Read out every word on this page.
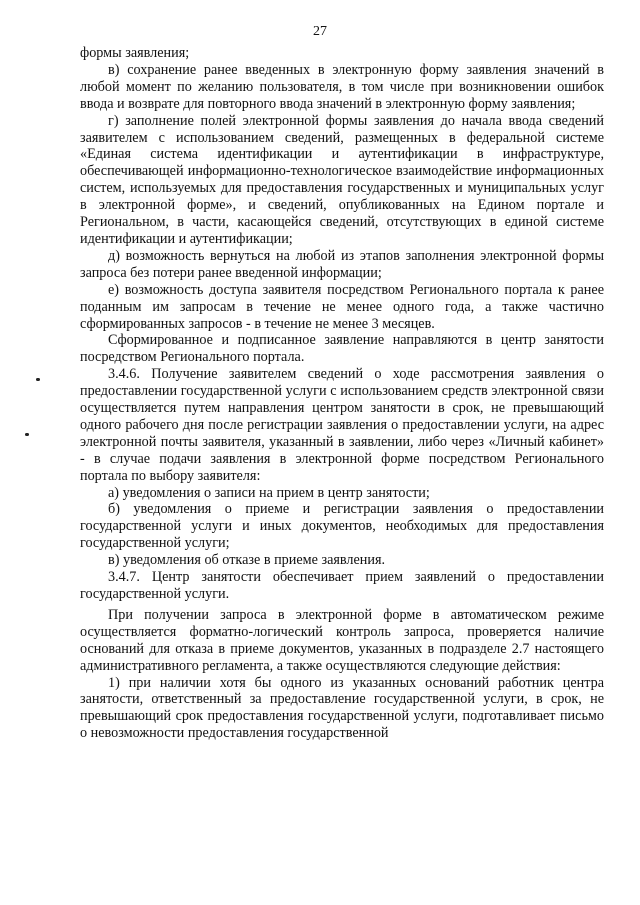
27

формы заявления;

в) сохранение ранее введенных в электронную форму заявления значений в любой момент по желанию пользователя, в том числе при возникновении ошибок ввода и возврате для повторного ввода значений в электронную форму заявления;

г) заполнение полей электронной формы заявления до начала ввода сведений заявителем с использованием сведений, размещенных в федеральной системе «Единая система идентификации и аутентификации в инфраструктуре, обеспечивающей информационно-технологическое взаимодействие информационных систем, используемых для предоставления государственных и муниципальных услуг в электронной форме», и сведений, опубликованных на Едином портале и Региональном, в части, касающейся сведений, отсутствующих в единой системе идентификации и аутентификации;

д) возможность вернуться на любой из этапов заполнения электронной формы запроса без потери ранее введенной информации;

е) возможность доступа заявителя посредством Регионального портала к ранее поданным им запросам в течение не менее одного года, а также частично сформированных запросов - в течение не менее 3 месяцев.

Сформированное и подписанное заявление направляются в центр занятости посредством Регионального портала.

3.4.6. Получение заявителем сведений о ходе рассмотрения заявления о предоставлении государственной услуги с использованием средств электронной связи осуществляется путем направления центром занятости в срок, не превышающий одного рабочего дня после регистрации заявления о предоставлении услуги, на адрес электронной почты заявителя, указанный в заявлении, либо через «Личный кабинет» - в случае подачи заявления в электронной форме посредством Регионального портала по выбору заявителя:

а) уведомления о записи на прием в центр занятости;

б) уведомления о приеме и регистрации заявления о предоставлении государственной услуги и иных документов, необходимых для предоставления государственной услуги;

в) уведомления об отказе в приеме заявления.

3.4.7. Центр занятости обеспечивает прием заявлений о предоставлении государственной услуги.

При получении запроса в электронной форме в автоматическом режиме осуществляется форматно-логический контроль запроса, проверяется наличие оснований для отказа в приеме документов, указанных в подразделе 2.7 настоящего административного регламента, а также осуществляются следующие действия:

1) при наличии хотя бы одного из указанных оснований работник центра занятости, ответственный за предоставление государственной услуги, в срок, не превышающий срок предоставления государственной услуги, подготавливает письмо о невозможности предоставления государственной
